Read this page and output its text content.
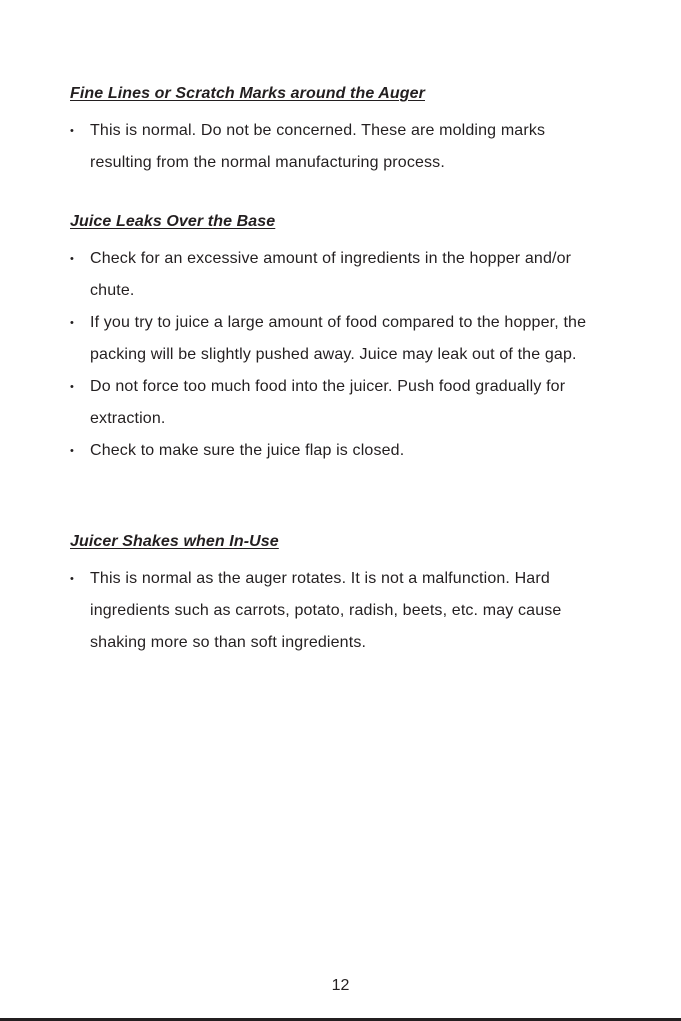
Fine Lines or Scratch Marks around the Auger
• This is normal. Do not be concerned. These are molding marks resulting from the normal manufacturing process.
Juice Leaks Over the Base
• Check for an excessive amount of ingredients in the hopper and/or chute.
• If you try to juice a large amount of food compared to the hopper, the packing will be slightly pushed away. Juice may leak out of the gap.
• Do not force too much food into the juicer. Push food gradually for extraction.
• Check to make sure the juice flap is closed.
Juicer Shakes when In-Use
• This is normal as the auger rotates. It is not a malfunction. Hard ingredients such as carrots, potato, radish, beets, etc. may cause shaking more so than soft ingredients.
12
